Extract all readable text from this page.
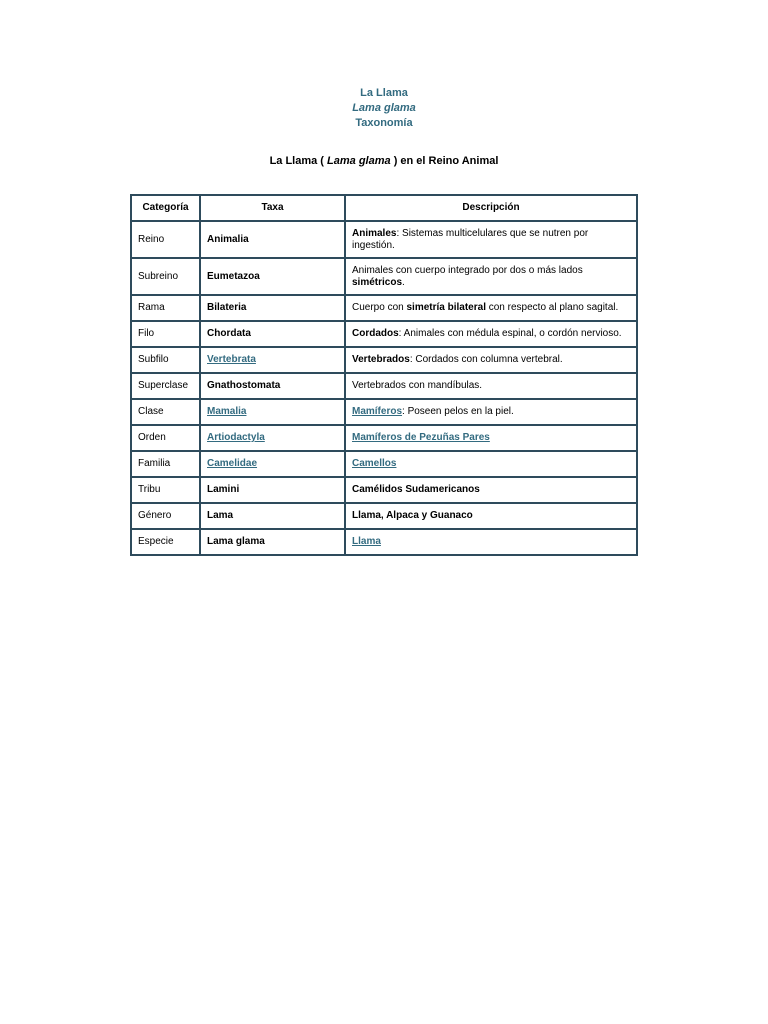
La Llama
Lama glama
Taxonomía
La Llama ( Lama glama ) en el Reino Animal
Categoría	Taxa	Descripción
Reino	Animalia	Animales: Sistemas multicelulares que se nutren por ingestión.
Subreino	Eumetazoa	Animales con cuerpo integrado por dos o más lados
simétricos.
Rama	Bilateria	Cuerpo con simetría bilateral con respecto al plano sagital.
Filo	Chordata	Cordados: Animales con médula espinal, o cordón nervioso.
Subfilo	Vertebrata	Vertebrados: Cordados con columna vertebral.
Superclase	Gnathostomata	Vertebrados con mandíbulas.
Clase	Mamalia	Mamíferos: Poseen pelos en la piel.
Orden	Artiodactyla	Mamíferos de Pezuñas Pares
Familia	Camelidae	Camellos
Tribu	Lamini	Camélidos Sudamericanos
Género	Lama	Llama, Alpaca y Guanaco
Especie	Lama glama	Llama
